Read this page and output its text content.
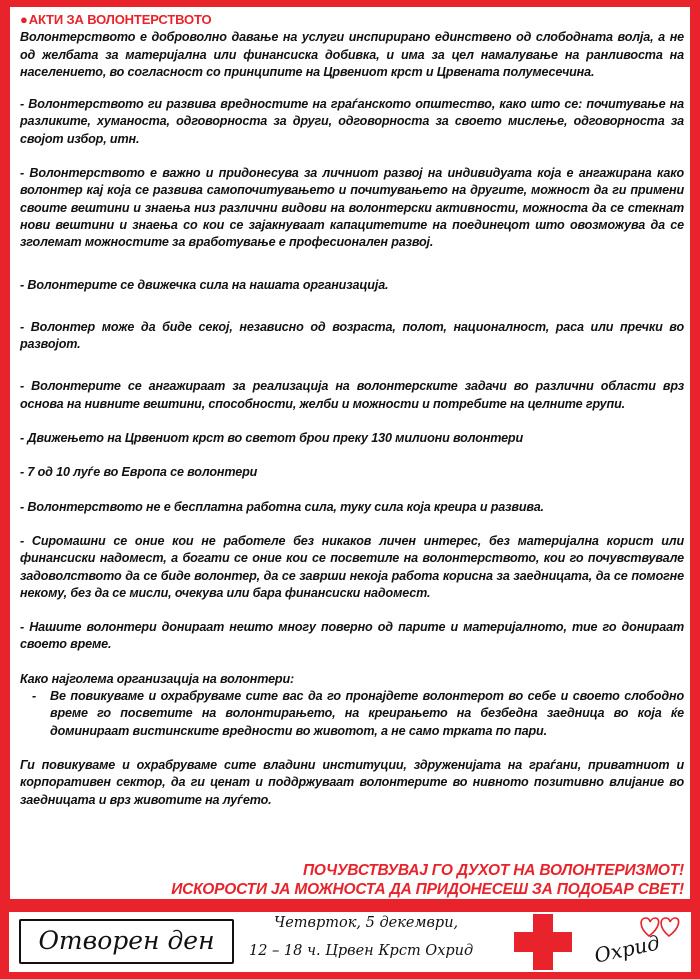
●АКТИ ЗА ВОЛОНТЕРСТВОТО

Волонтерството е доброволно давање на услуги инспирирано единствено од слободната волја, а не од желбата за материјална или финансиска добивка, и има за цел намалување на ранливоста на населението, во согласност со принципите на Црвениот крст и Црвената полумесечина.

- Волонтерството ги развива вредностите на граѓанското општество, како што се: почитување на разликите, хуманоста, одговорноста за други, одговорноста за своето мислење, одговорноста за својот избор, итн.

- Волонтерството е важно и придонесува за личниот развој на индивидуата која е ангажирана како волонтер кај која се развива самопочитувањето и почитувањето на другите, можност да ги примени своите вештини и знаења низ различни видови на волонтерски активности, можноста да се стекнат нови вештини и знаења со кои се зајакнуваат капацитетите на поединецот што овозможува да се зголемат можностите за вработување е професионален развој.

- Волонтерите се движечка сила на нашата организација.

- Волонтер може да биде секој, независно од возраста, полот, националност, раса или пречки во развојот.

- Волонтерите се ангажираат за реализација на волонтерските задачи во различни области врз основа на нивните вештини, способности, желби и можности и потребите на целните групи.

- Движењето на Црвениот крст во светот брои преку 130 милиони волонтери

- 7 од 10 луѓе во Европа се волонтери

- Волонтерството не е бесплатна работна сила, туку сила која креира и развива.

- Сиромашни се оние кои не работеле без никаков личен интерес, без материјална корист или финансиски надомест, а богати се оние кои се посветиле на волонтерството, кои го почувствувале задоволството да се биде волонтер, да се заврши некоја работа корисна за заедницата, да се помогне некому, без да се мисли, очекува или бара финансиски надомест.

- Нашите волонтери донираат нешто многу поверно од парите и материјалното, тие го донираат своето време.

Како најголема организација на волонтери:

- Ве повикуваме и охрабруваме сите вас да го пронајдете волонтерот во себе и своето слободно време го посветите на волонтирањето, на креирањето на безбедна заедница во која ќе доминираат вистинските вредности во животот, а не само трката по пари.

Ги повикуваме и охрабруваме сите владини институции, здруженијата на граѓани, приватниот и корпоративен сектор, да ги ценат и поддржуваат волонтерите во нивното позитивно влијание во заедницата и врз животите на луѓето.

ПОЧУВСТВУВАЈ ГО ДУХОТ НА ВОЛОНТЕРИЗМОТ!
ИСКОРОСТИ ЈА МОЖНОСТА ДА ПРИДОНЕСЕШ ЗА ПОДОБАР СВЕТ!
Отворен ден
Четврток, 5 декември,
12 – 18 ч. Црвен Крст Охрид	Охрид
